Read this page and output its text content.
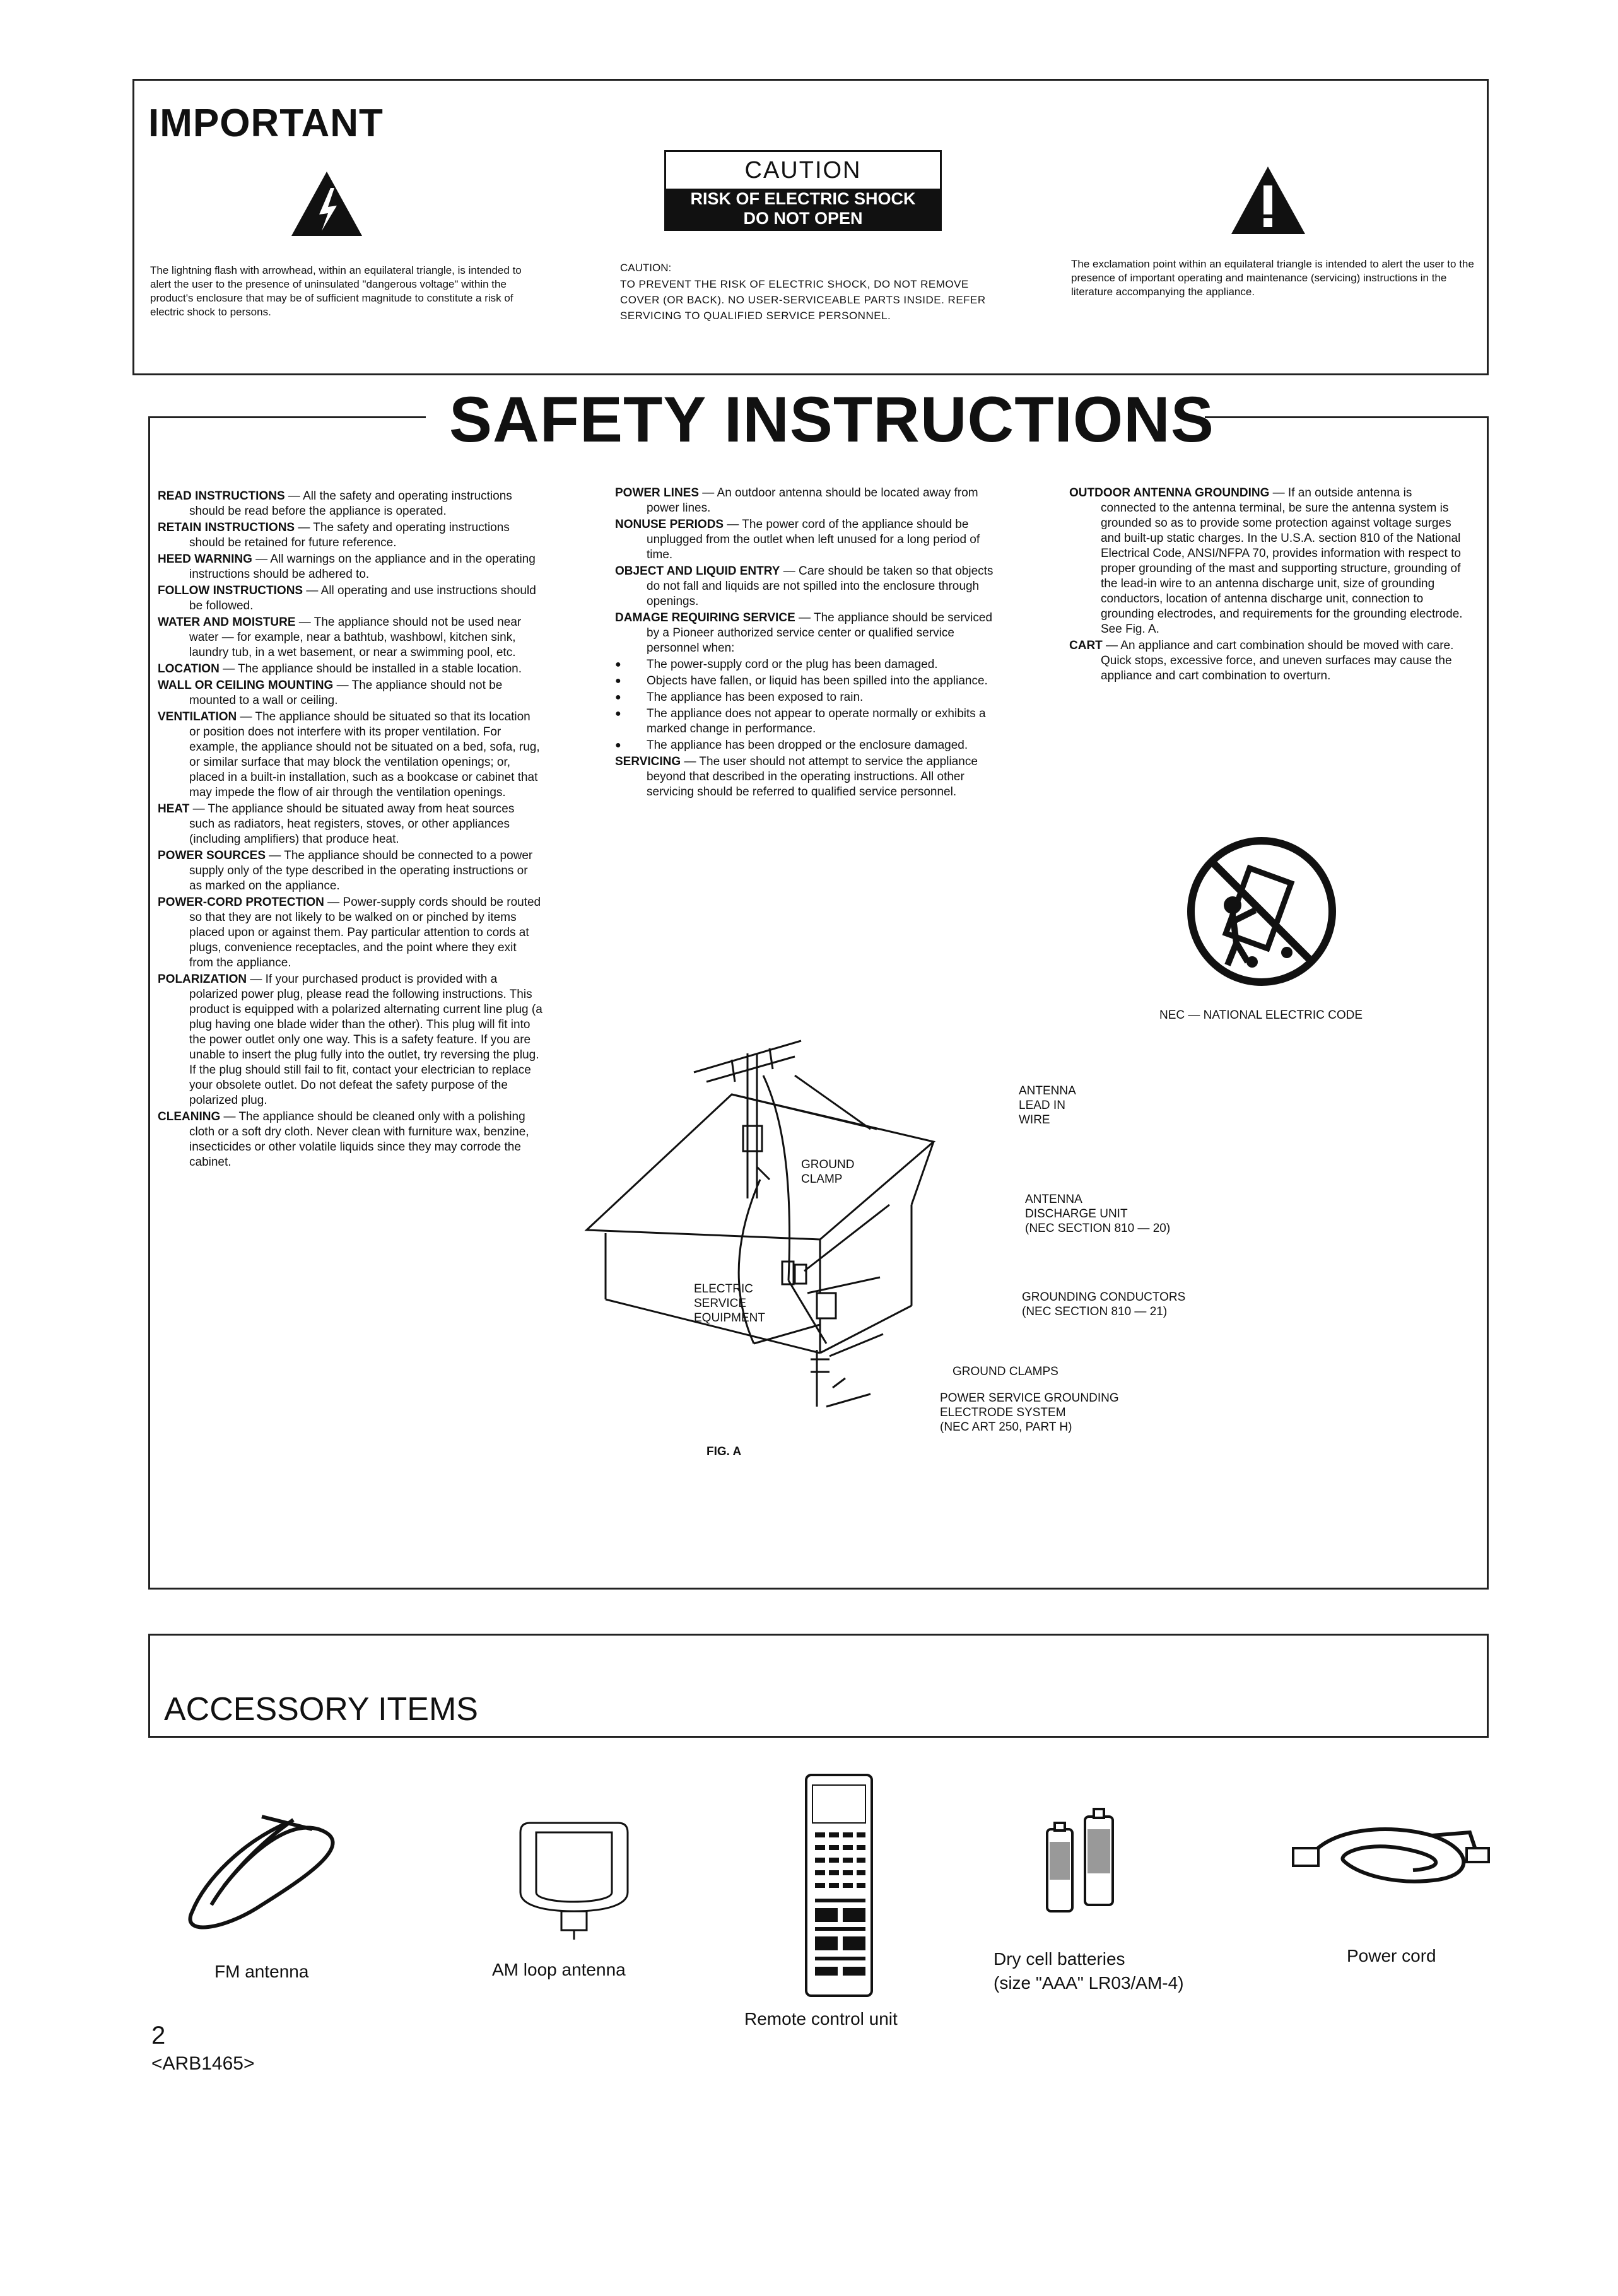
IMPORTANT
The lightning flash with arrowhead, within an equilateral triangle, is intended to alert the user to the presence of uninsulated "dangerous voltage" within the product's enclosure that may be of sufficient magnitude to constitute a risk of electric shock to persons.
CAUTION
RISK OF ELECTRIC SHOCK
DO NOT OPEN
CAUTION:
TO PREVENT THE RISK OF ELECTRIC SHOCK, DO NOT REMOVE COVER (OR BACK). NO USER-SERVICEABLE PARTS INSIDE. REFER SERVICING TO QUALIFIED SERVICE PERSONNEL.
The exclamation point within an equilateral triangle is intended to alert the user to the presence of important operating and maintenance (servicing) instructions in the literature accompanying the appliance.
SAFETY INSTRUCTIONS
READ INSTRUCTIONS — All the safety and operating instructions should be read before the appliance is operated.
RETAIN INSTRUCTIONS — The safety and operating instructions should be retained for future reference.
HEED WARNING — All warnings on the appliance and in the operating instructions should be adhered to.
FOLLOW INSTRUCTIONS — All operating and use instructions should be followed.
WATER AND MOISTURE — The appliance should not be used near water — for example, near a bathtub, washbowl, kitchen sink, laundry tub, in a wet basement, or near a swimming pool, etc.
LOCATION — The appliance should be installed in a stable location.
WALL OR CEILING MOUNTING — The appliance should not be mounted to a wall or ceiling.
VENTILATION — The appliance should be situated so that its location or position does not interfere with its proper ventilation. For example, the appliance should not be situated on a bed, sofa, rug, or similar surface that may block the ventilation openings; or, placed in a built-in installation, such as a bookcase or cabinet that may impede the flow of air through the ventilation openings.
HEAT — The appliance should be situated away from heat sources such as radiators, heat registers, stoves, or other appliances (including amplifiers) that produce heat.
POWER SOURCES — The appliance should be connected to a power supply only of the type described in the operating instructions or as marked on the appliance.
POWER-CORD PROTECTION — Power-supply cords should be routed so that they are not likely to be walked on or pinched by items placed upon or against them. Pay particular attention to cords at plugs, convenience receptacles, and the point where they exit from the appliance.
POLARIZATION — If your purchased product is provided with a polarized power plug, please read the following instructions. This product is equipped with a polarized alternating current line plug (a plug having one blade wider than the other). This plug will fit into the power outlet only one way. This is a safety feature. If you are unable to insert the plug fully into the outlet, try reversing the plug. If the plug should still fail to fit, contact your electrician to replace your obsolete outlet. Do not defeat the safety purpose of the polarized plug.
CLEANING — The appliance should be cleaned only with a polishing cloth or a soft dry cloth. Never clean with furniture wax, benzine, insecticides or other volatile liquids since they may corrode the cabinet.
POWER LINES — An outdoor antenna should be located away from power lines.
NONUSE PERIODS — The power cord of the appliance should be unplugged from the outlet when left unused for a long period of time.
OBJECT AND LIQUID ENTRY — Care should be taken so that objects do not fall and liquids are not spilled into the enclosure through openings.
DAMAGE REQUIRING SERVICE — The appliance should be serviced by a Pioneer authorized service center or qualified service personnel when:
● The power-supply cord or the plug has been damaged.
● Objects have fallen, or liquid has been spilled into the appliance.
● The appliance has been exposed to rain.
● The appliance does not appear to operate normally or exhibits a marked change in performance.
● The appliance has been dropped or the enclosure damaged.
SERVICING — The user should not attempt to service the appliance beyond that described in the operating instructions. All other servicing should be referred to qualified service personnel.
OUTDOOR ANTENNA GROUNDING — If an outside antenna is connected to the antenna terminal, be sure the antenna system is grounded so as to provide some protection against voltage surges and built-up static charges. In the U.S.A. section 810 of the National Electrical Code, ANSI/NFPA 70, provides information with respect to proper grounding of the mast and supporting structure, grounding of the lead-in wire to an antenna discharge unit, size of grounding conductors, location of antenna discharge unit, connection to grounding electrodes, and requirements for the grounding electrode. See Fig. A.
CART — An appliance and cart combination should be moved with care. Quick stops, excessive force, and uneven surfaces may cause the appliance and cart combination to overturn.
NEC — NATIONAL ELECTRIC CODE
ANTENNA
LEAD IN
WIRE
GROUND
CLAMP
ANTENNA
DISCHARGE UNIT
(NEC SECTION 810 — 20)
ELECTRIC
SERVICE
EQUIPMENT
GROUNDING CONDUCTORS
(NEC SECTION 810 — 21)
GROUND CLAMPS
POWER SERVICE GROUNDING
ELECTRODE SYSTEM
(NEC ART 250, PART H)
FIG. A
ACCESSORY ITEMS
FM antenna	AM loop antenna
Remote control unit
Dry cell batteries
(size "AAA" LR03/AM-4)
Power cord
2
<ARB1465>
